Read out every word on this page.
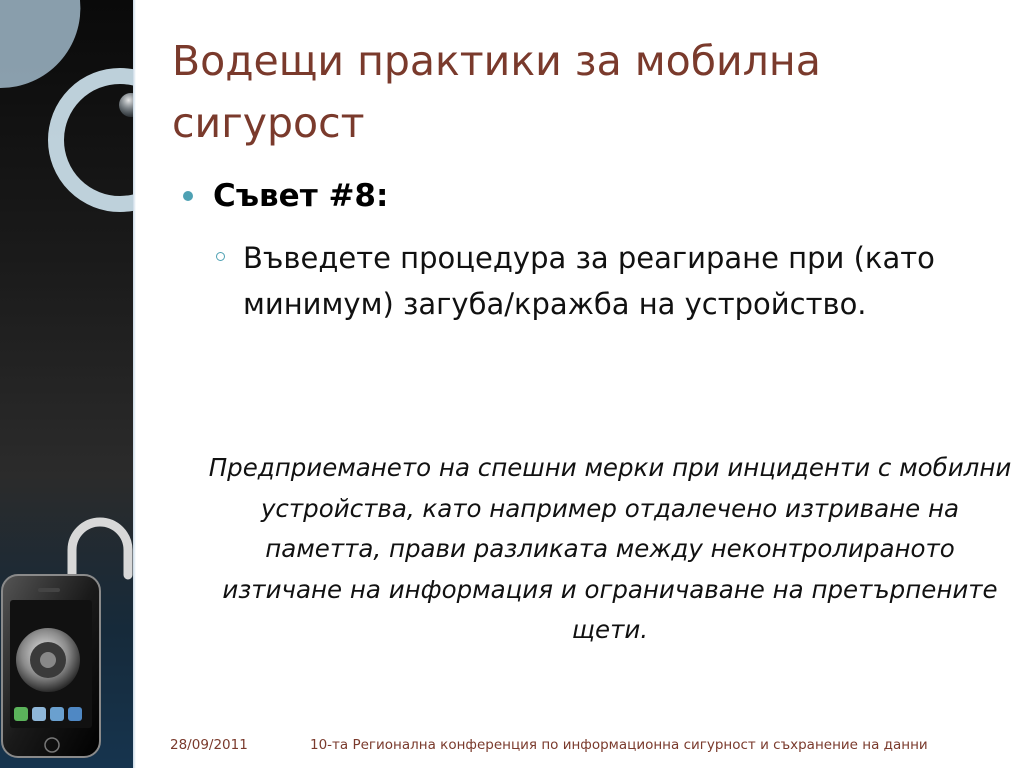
Водещи практики за мобилна сигурост
Съвет #8:
Въведете процедура за реагиране при (като минимум) загуба/кражба на устройство.
Предприемането на спешни мерки при инциденти с мобилни устройства, като например отдалечено изтриване на паметта, прави разликата между неконтролираното изтичане на информация и ограничаване на претърпените щети.
28/09/2011	10-та Регионална конференция по информационна сигурност и съхранение на данни
